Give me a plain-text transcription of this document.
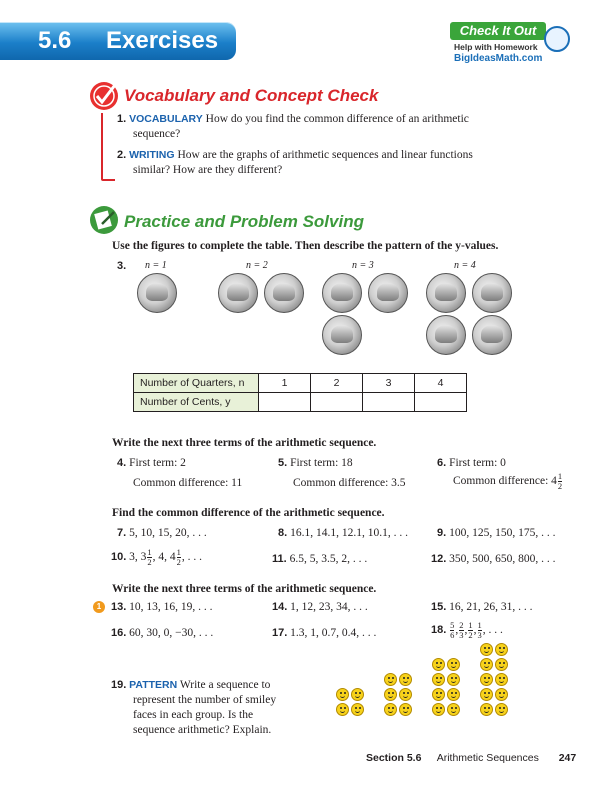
5.6 Exercises	Check It Out
Help with Homework
BigIdeasMath.com
Vocabulary and Concept Check
1. VOCABULARY How do you find the common difference of an arithmetic
sequence?
2. WRITING How are the graphs of arithmetic sequences and linear functions
similar? How are they different?
Practice and Problem Solving
Use the figures to complete the table. Then describe the pattern of the y-values.
3. n = 1	n = 2	n = 3	n = 4
Number of Quarters, n	1	2	3	4
Number of Cents, y				
Write the next three terms of the arithmetic sequence.
4. First term: 2
Common difference: 11
5. First term: 18
Common difference: 3.5
6. First term: 0
Common difference: $4 \frac{1}{2}$
Find the common difference of the arithmetic sequence.
7. 5, 10, 15, 20, . . .	8. 16.1, 14.1, 12.1, 10.1, . . .	9. 100, 125, 150, 175, . . .
10. 3, $3 \frac{1}{2}$ , 4, $4 \frac{1}{2}$ , . . .	11. 6.5, 5, 3.5, 2, . . .	12. 350, 500, 650, 800, . . .
Write the next three terms of the arithmetic sequence.
1 13. 10, 13, 16, 19, . . .	14. 1, 12, 23, 34, . . .	15. 16, 21, 26, 31, . . .
16. 60, 30, 0, −30, . . .	17. 1.3, 1, 0.7, 0.4, . . .	18. $\frac{5}{6}$ , $\frac{2}{3}$ , $\frac{1}{2}$ , $\frac{1}{3}$ , . . .
19. PATTERN Write a sequence to
represent the number of smiley
faces in each group. Is the
sequence arithmetic? Explain.
Section 5.6 Arithmetic Sequences 247
